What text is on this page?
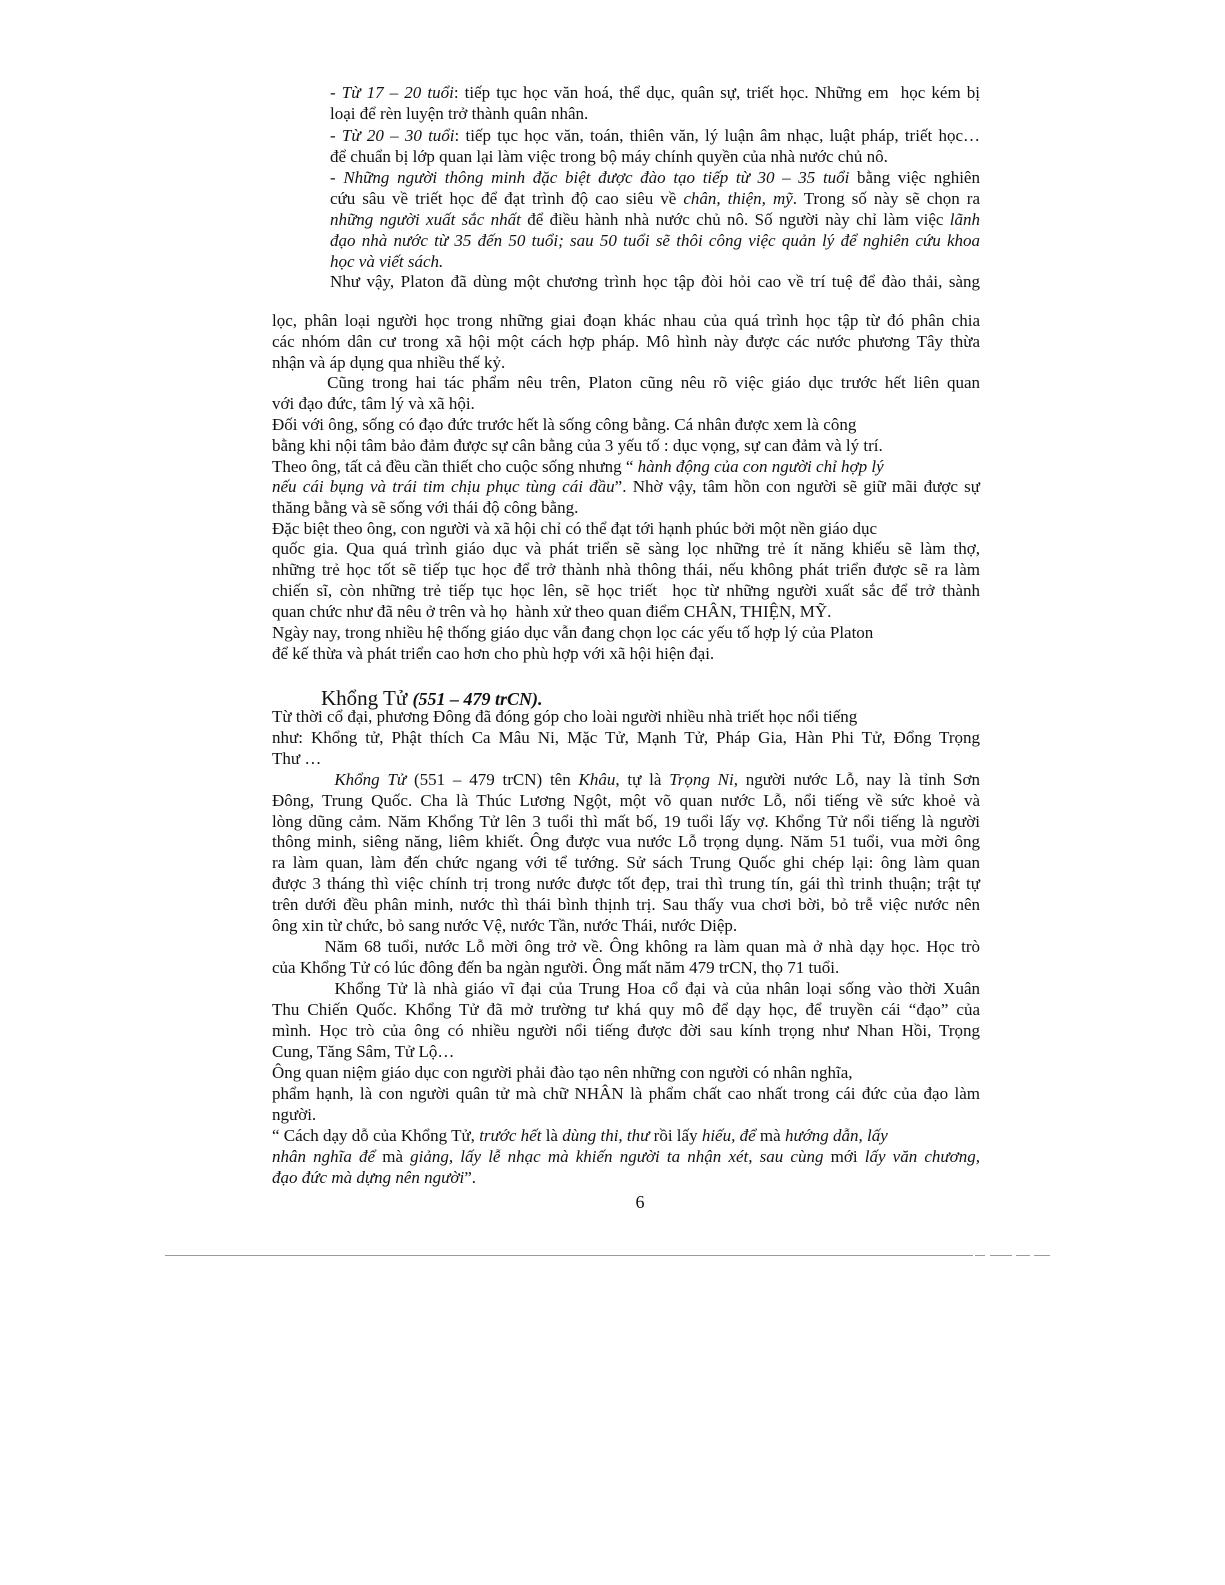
- Từ 17 – 20 tuổi: tiếp tục học văn hoá, thể dục, quân sự, triết học. Những em  học kém bị
loại để rèn luyện trở thành quân nhân.
- Từ 20 – 30 tuổi: tiếp tục học văn, toán, thiên văn, lý luận âm nhạc, luật pháp, triết học…
để chuẩn bị lớp quan lại làm việc trong bộ máy chính quyền của nhà nước chủ nô.
- Những người thông minh đặc biệt được đào tạo tiếp từ 30 – 35 tuổi bằng việc nghiên
cứu sâu về triết học để đạt trình độ cao siêu về chân, thiện, mỹ. Trong số này sẽ chọn ra
những người xuất sắc nhất để điều hành nhà nước chủ nô. Số người này chỉ làm việc lãnh
đạo nhà nước từ 35 đến 50 tuổi; sau 50 tuổi sẽ thôi công việc quản lý để nghiên cứu khoa
học và viết sách.
Như vậy, Platon đã dùng một chương trình học tập đòi hỏi cao về trí tuệ để đào thải, sàng
lọc, phân loại người học trong những giai đoạn khác nhau của quá trình học tập từ đó phân chia
các nhóm dân cư trong xã hội một cách hợp pháp. Mô hình này được các nước phương Tây thừa
nhận và áp dụng qua nhiều thế kỷ.
Cũng trong hai tác phẩm nêu trên, Platon cũng nêu rõ việc giáo dục trước hết liên quan
với đạo đức, tâm lý và xã hội.
Đối với ông, sống có đạo đức trước hết là sống công bằng. Cá nhân được xem là công
bằng khi nội tâm bảo đảm được sự cân bằng của 3 yếu tố : dục vọng, sự can đảm và lý trí.
Theo ông, tất cả đều cần thiết cho cuộc sống nhưng “ hành động của con người chỉ hợp lý
nếu cái bụng và trái tim chịu phục tùng cái đầu”. Nhờ vậy, tâm hồn con người sẽ giữ mãi được sự
thăng bằng và sẽ sống với thái độ công bằng.
Đặc biệt theo ông, con người và xã hội chỉ có thể đạt tới hạnh phúc bởi một nền giáo dục
quốc gia. Qua quá trình giáo dục và phát triển sẽ sàng lọc những trẻ ít năng khiếu sẽ làm thợ,
những trẻ học tốt sẽ tiếp tục học để trở thành nhà thông thái, nếu không phát triển được sẽ ra làm
chiến sĩ, còn những trẻ tiếp tục học lên, sẽ học triết  học từ những người xuất sắc để trở thành
quan chức như đã nêu ở trên và họ  hành xử theo quan điểm CHÂN, THIỆN, MỸ.
Ngày nay, trong nhiều hệ thống giáo dục vẫn đang chọn lọc các yếu tố hợp lý của Platon
để kế thừa và phát triển cao hơn cho phù hợp với xã hội hiện đại.
Khổng Tử (551 – 479 trCN).
Từ thời cổ đại, phương Đông đã đóng góp cho loài người nhiều nhà triết học nổi tiếng
như: Khổng tử, Phật thích Ca Mâu Ni, Mặc Tử, Mạnh Tử, Pháp Gia, Hàn Phi Tử, Đổng Trọng
Thư …
Khổng Tử (551 – 479 trCN) tên Khâu, tự là Trọng Ni, người nước Lỗ, nay là tỉnh Sơn
Đông, Trung Quốc. Cha là Thúc Lương Ngột, một võ quan nước Lỗ, nổi tiếng về sức khoẻ và
lòng dũng cảm. Năm Khổng Tử lên 3 tuổi thì mất bố, 19 tuổi lấy vợ. Khổng Tử nổi tiếng là người
thông minh, siêng năng, liêm khiết. Ông được vua nước Lỗ trọng dụng. Năm 51 tuổi, vua mời ông
ra làm quan, làm đến chức ngang với tể tướng. Sử sách Trung Quốc ghi chép lại: ông làm quan
được 3 tháng thì việc chính trị trong nước được tốt đẹp, trai thì trung tín, gái thì trinh thuận; trật tự
trên dưới đều phân minh, nước thì thái bình thịnh trị. Sau thấy vua chơi bời, bỏ trễ việc nước nên
ông xin từ chức, bỏ sang nước Vệ, nước Tần, nước Thái, nước Diệp.
Năm 68 tuổi, nước Lỗ mời ông trở về. Ông không ra làm quan mà ở nhà dạy học. Học trò
của Khổng Tử có lúc đông đến ba ngàn người. Ông mất năm 479 trCN, thọ 71 tuổi.
Khổng Tử là nhà giáo vĩ đại của Trung Hoa cổ đại và của nhân loại sống vào thời Xuân
Thu Chiến Quốc. Khổng Tử đã mở trường tư khá quy mô để dạy học, để truyền cái “đạo” của
mình. Học trò của ông có nhiều người nổi tiếng được đời sau kính trọng như Nhan Hồi, Trọng
Cung, Tăng Sâm, Tử Lộ…
Ông quan niệm giáo dục con người phải đào tạo nên những con người có nhân nghĩa,
phẩm hạnh, là con người quân tử mà chữ NHÂN là phẩm chất cao nhất trong cái đức của đạo làm
người.
“ Cách dạy dỗ của Khổng Tử, trước hết là dùng thi, thư rồi lấy hiếu, để mà hướng dẫn, lấy
nhân nghĩa để mà giảng, lấy lễ nhạc mà khiến người ta nhận xét, sau cùng mới lấy văn chương,
đạo đức mà dựng nên người”.
6
